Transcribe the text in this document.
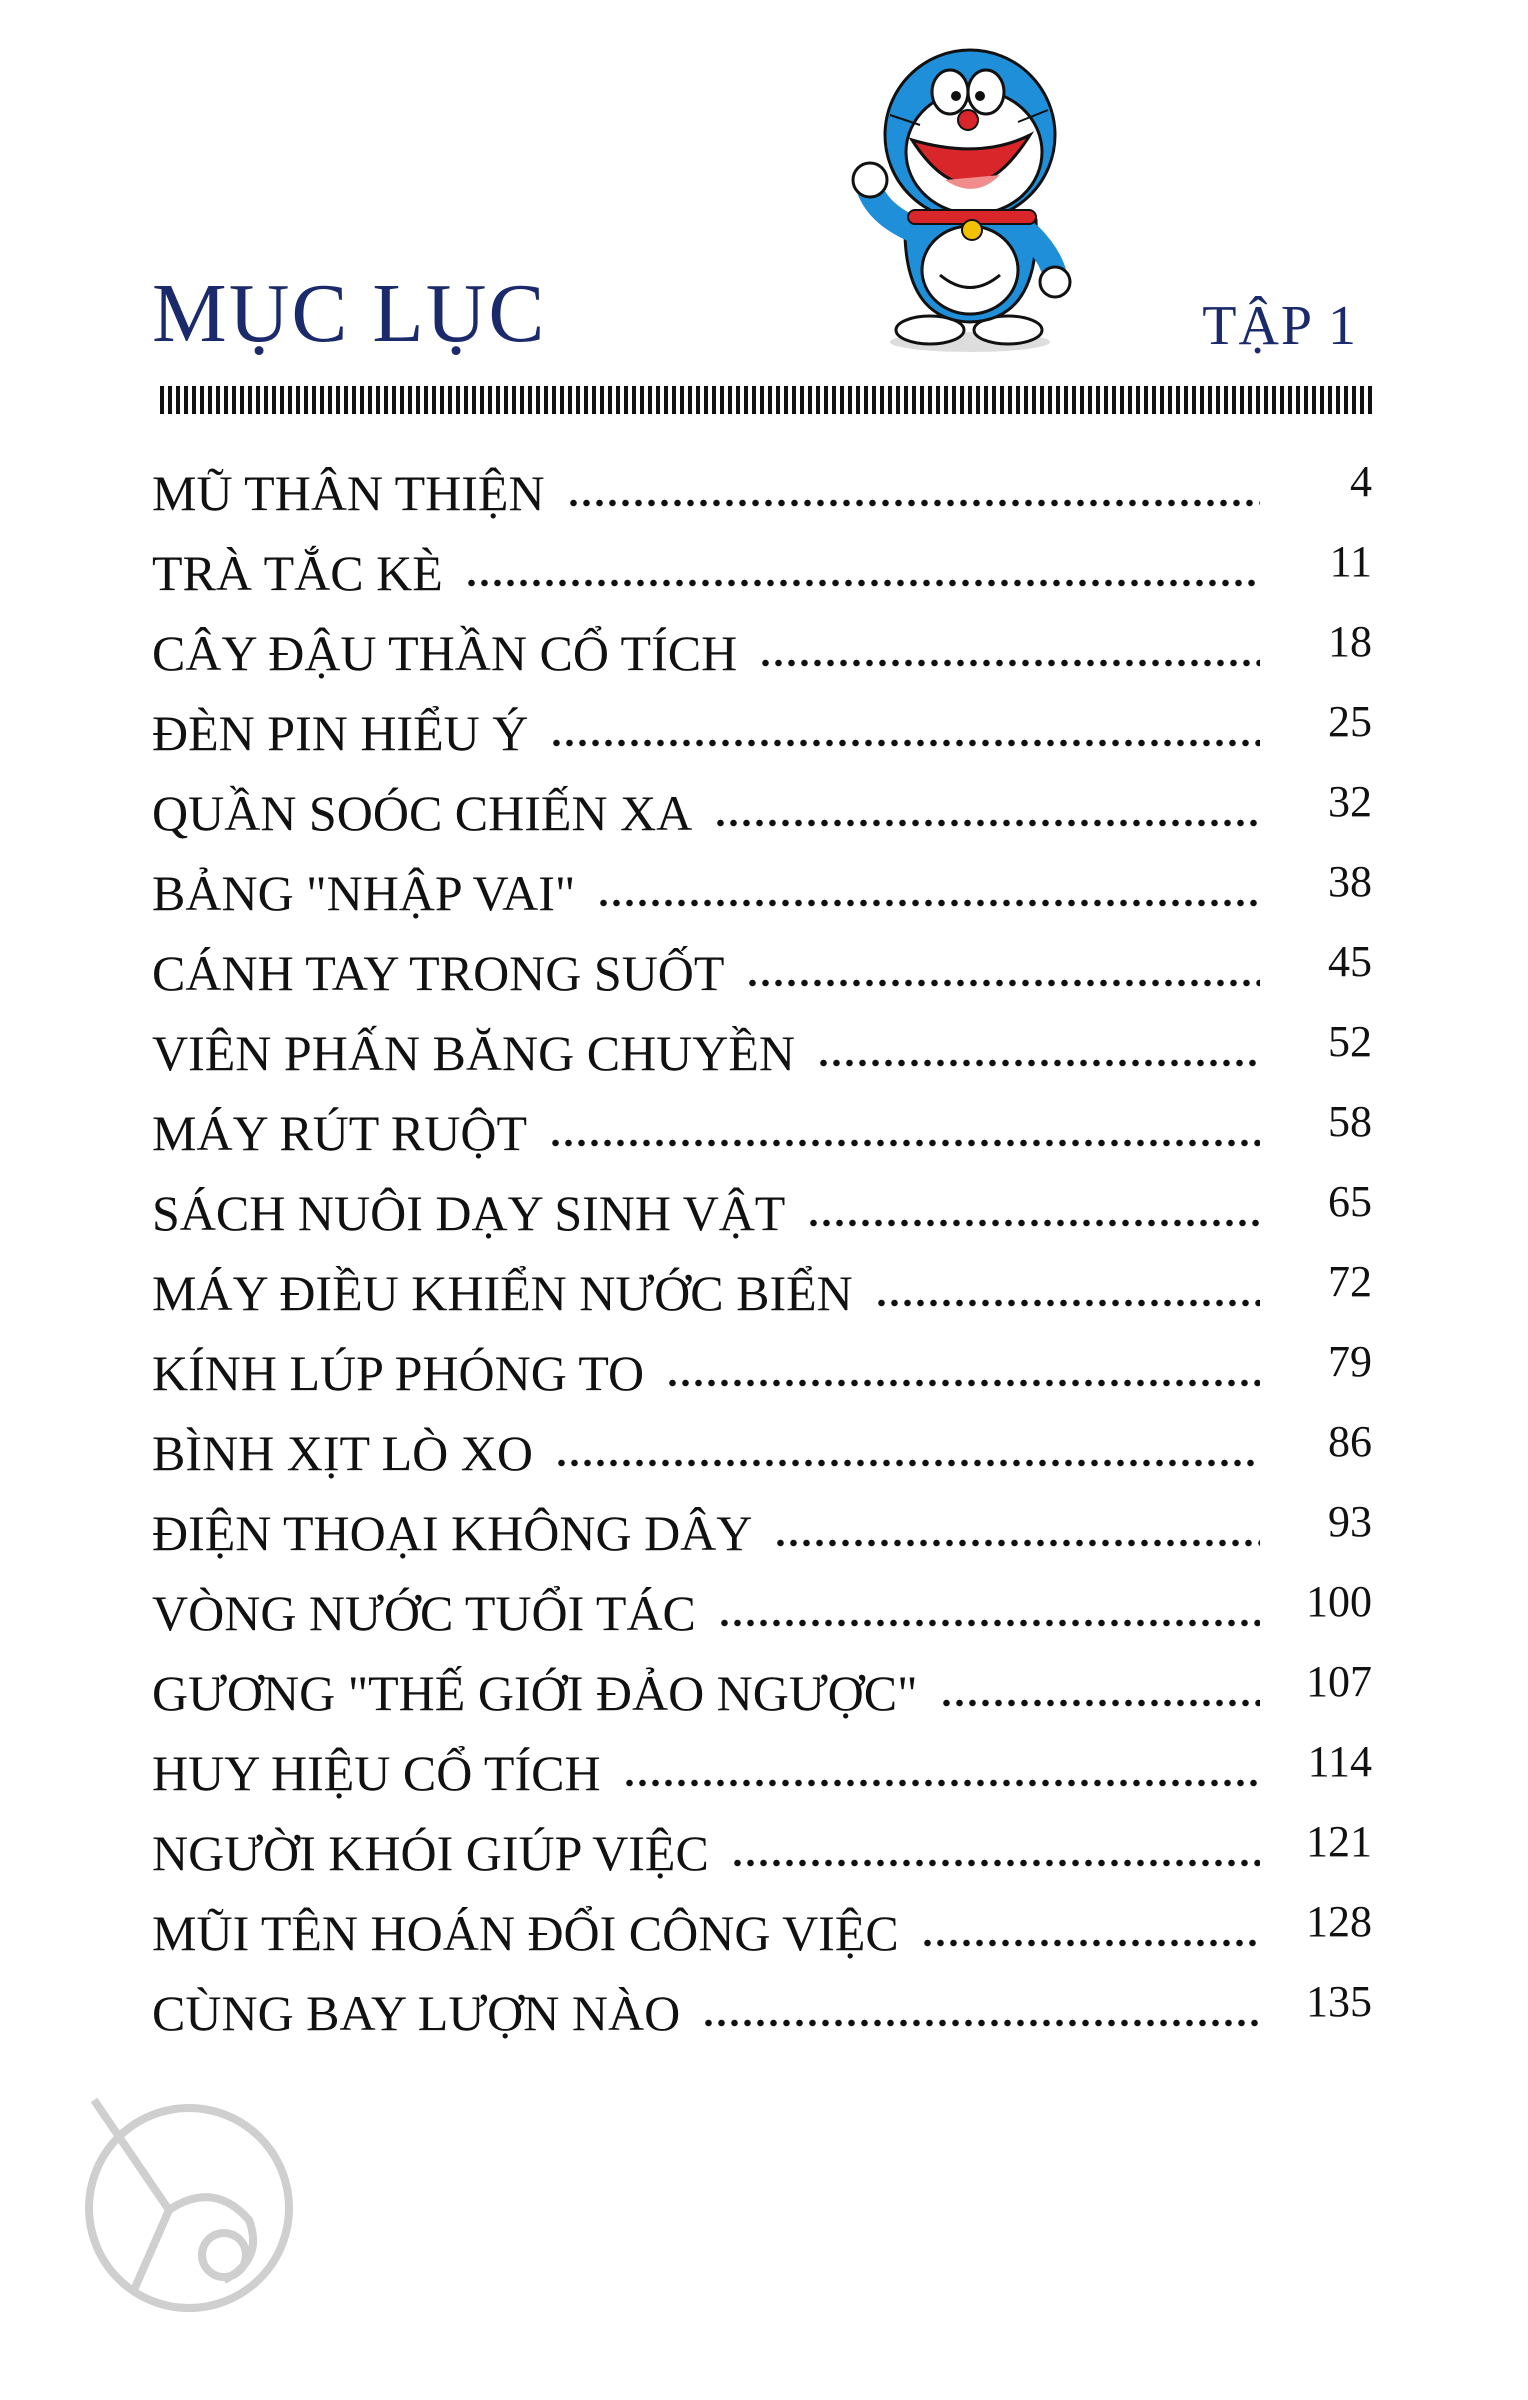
MỤC LỤC	TẬP 1
MŨ THÂN THIỆN	4
TRÀ TẮC KÈ	11
CÂY ĐẬU THẦN CỔ TÍCH	18
ĐÈN PIN HIỂU Ý	25
QUẦN SOÓC CHIẾN XA	32
BẢNG "NHẬP VAI"	38
CÁNH TAY TRONG SUỐT	45
VIÊN PHẤN BĂNG CHUYỀN	52
MÁY RÚT RUỘT	58
SÁCH NUÔI DẠY SINH VẬT	65
MÁY ĐIỀU KHIỂN NƯỚC BIỂN	72
KÍNH LÚP PHÓNG TO	79
BÌNH XỊT LÒ XO	86
ĐIỆN THOẠI KHÔNG DÂY	93
VÒNG NƯỚC TUỔI TÁC	100
GƯƠNG "THẾ GIỚI ĐẢO NGƯỢC"	107
HUY HIỆU CỔ TÍCH	114
NGƯỜI KHÓI GIÚP VIỆC	121
MŨI TÊN HOÁN ĐỔI CÔNG VIỆC	128
CÙNG BAY LƯỢN NÀO	135
